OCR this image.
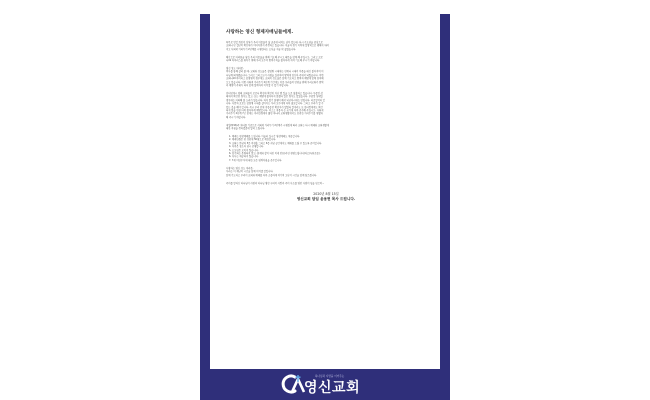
사랑하는 영신 형제자매님들에게.
특무로 연합 개인의 상처가 우리 이웃들의 삶 곳곳에 퍼져도 남아 있는데, 다시 수도권을 중심으로
교회나 단 집단의 확산세가 이어지면서 걱정하고 있습니다. 서울과 경기 지역에 일방적으로 행해지 내려
지고 사회적 거리두기 2단계를 시행한다는 소식을 지금 막 들었습니다.
해산으로 어려움을 당한 우리 이웃들을 위해 기도해 주시고 따뜻을 함께 해 주십시오. 그리고 코로
나19 바이러스를 퇴치기 위해 우리 모두의 방역수칙을 철저하게 지켜 기도해 주시기 바랍니다.
영신 성도 여러분,
역사를 통해 살펴 볼 때, 교회와 성도들은 감염병 시대에는 언제나 시대의 아픔을 대신 짊어지며 이
나님께 회개했습니다. 그리고 그리스도의 사랑을 실천하며 방역에 헌신하 주에서 되었습니다. 이번
교회나19 바이러스 감염병의 경우에도 교회의 성도들은 함께 기도하고 방역과 예방에 함께 참여해
오고 있습니다. 이번 사회적 거리두기 2단계 기간에도 이웃 우리들의 안전을 위해 우리교회가 방역
과 예방의 주체가 되어 함께 협력하여 이겨낼 수 있기 바랍니다.
인터넷게시 형태 교회들이 코로나 확진과 확산이 지난 몇 일을 도로 탈출하고 있습니다. 우중앙 상
태에서 확산된 경우도 있고, 또는 예방에 철저하지 못했다 일은 경우도 있었습니다. 우중앙 상태일
경우에는 어떠해 볼 도리가 없습니다. 하지 없기 불행이 해서 피난하시에는 안됩니다. 피로향이하 합
니다. 사람과 코로는 감염병 시대를 살아가는 우리 모두에게 더욱 필요합니다. 그리고 우리가 할 수
있는 것을 해야 합니다. 즉시 우리 안에 작중동안 확인자가 없었다 할지라도 또 한다람에게도 확산
되지 않을 만큼 더욱 철저하게 예방합시다. 마스크 착용과 손 씻기에 더욱 준수해 주십시오. 사회적
거리두기 2단계 7근 참에는 지리한경에서 밟힌 하나라 교회생활에서도 인전한 거리두기를 생활화
해 주시기 바랍니다.
내일(8/16)주 부터를 기준으로 사회적 거리두기 2단계가 시행됨에 따라 교회는 다시 예배와 교회생활에
대한 지침을 정하였음에 알려 드립니다.
1. 예배는 현장예배를 드립니다. 아울러 실시간 영상예배도 제공합니다.
2. 예배인원은 전 성전에 50명으로 제한합니다.
3. 교회는 본당과 5층 비전홀 그리고 6층 식당 공간에서도 예배를 드릴 수 있도록 준비합니다.
4. 저녁은 청소과 당시 준행합니다.
5. 소모임은 모이지 않습니다.
6. 장기회는 운영되지 않고, 현재와 같이 다인 이네 안(온라인 찬양드립니다)하고(녹화로중).
6. 식사는 제공되지 않습니다.
7. 7세 이인수자에 대한 모든 평역지침을 준수합니다.
사랑하는 영신 성도 여러분,
우리는 이 재난의 시간을 함께 이겨낼 것입니다.
함께 기도하고 우리의 교회와 예배를 더욱 소중하게 여기며 고난의 시간을 함께 힘쓰겠니다.
주의를 향하신 하나님의 사랑과 하나님 영안 구리의 사람과 주의 사조를 영안 사랑의 힘을 믿으며...
2020년 8월 15일
영신교회 담임 윤용현 목사 드립니다.
하나님과 사람을 이어주는
영신교회
